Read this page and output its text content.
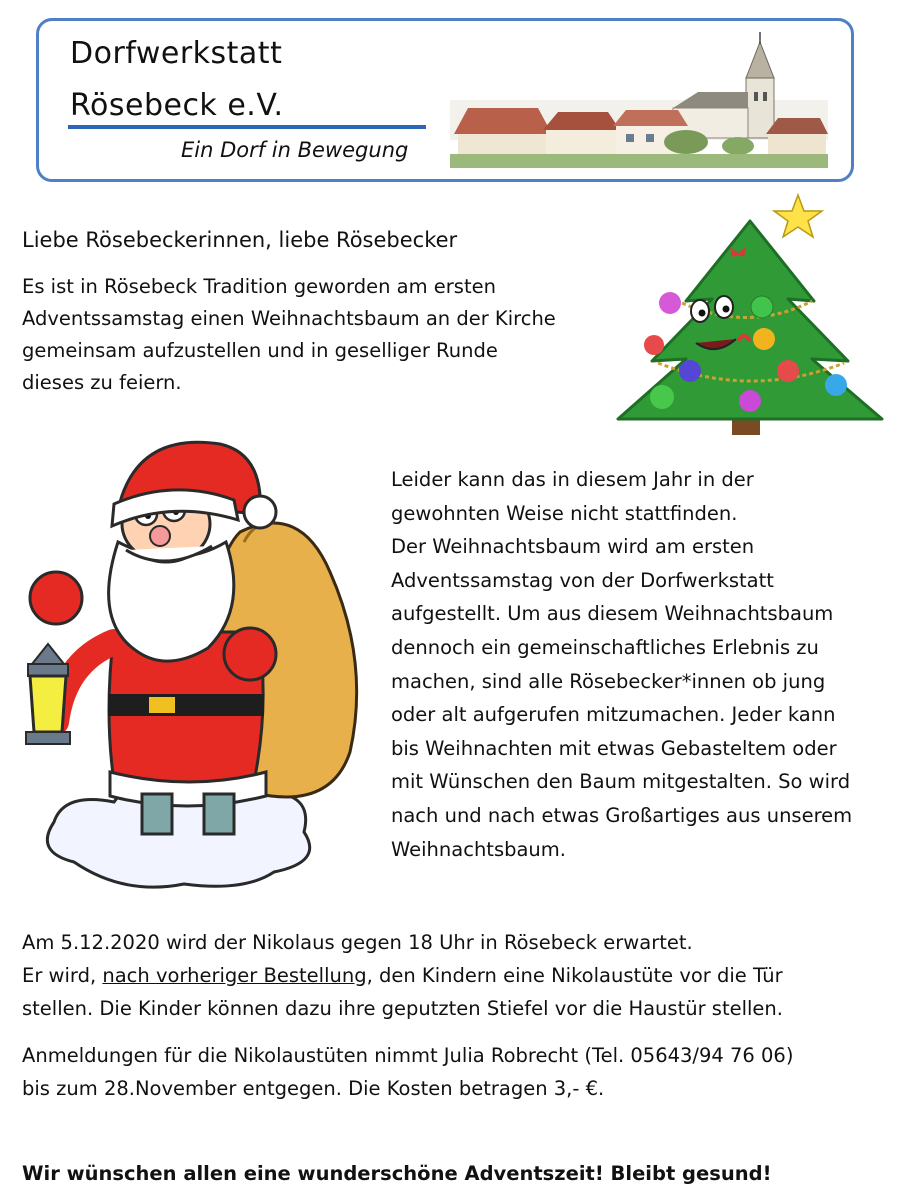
Dorfwerkstatt
Rösebeck e.V.
Ein Dorf in Bewegung
Liebe Rösebeckerinnen, liebe Rösebecker
Es ist in Rösebeck Tradition geworden am ersten
Adventssamstag einen Weihnachtsbaum an der Kirche
gemeinsam aufzustellen und in geselliger Runde
dieses zu feiern.
Leider kann das in diesem Jahr in der
gewohnten Weise nicht stattfinden.
Der Weihnachtsbaum wird am ersten
Adventssamstag von der Dorfwerkstatt
aufgestellt. Um aus diesem Weihnachtsbaum
dennoch ein gemeinschaftliches Erlebnis zu
machen, sind alle Rösebecker*innen ob jung
oder alt aufgerufen mitzumachen. Jeder kann
bis Weihnachten mit etwas Gebasteltem oder
mit Wünschen den Baum mitgestalten. So wird
nach und nach etwas Großartiges aus unserem
Weihnachtsbaum.
Am 5.12.2020 wird der Nikolaus gegen 18 Uhr in Rösebeck erwartet.
Er wird, nach vorheriger Bestellung, den Kindern eine Nikolaustüte vor die Tür
stellen. Die Kinder können dazu ihre geputzten Stiefel vor die Haustür stellen.
Anmeldungen für die Nikolaustüten nimmt Julia Robrecht (Tel. 05643/94 76 06)
bis zum 28.November entgegen. Die Kosten betragen 3,- €.
Wir wünschen allen eine wunderschöne Adventszeit! Bleibt gesund!
